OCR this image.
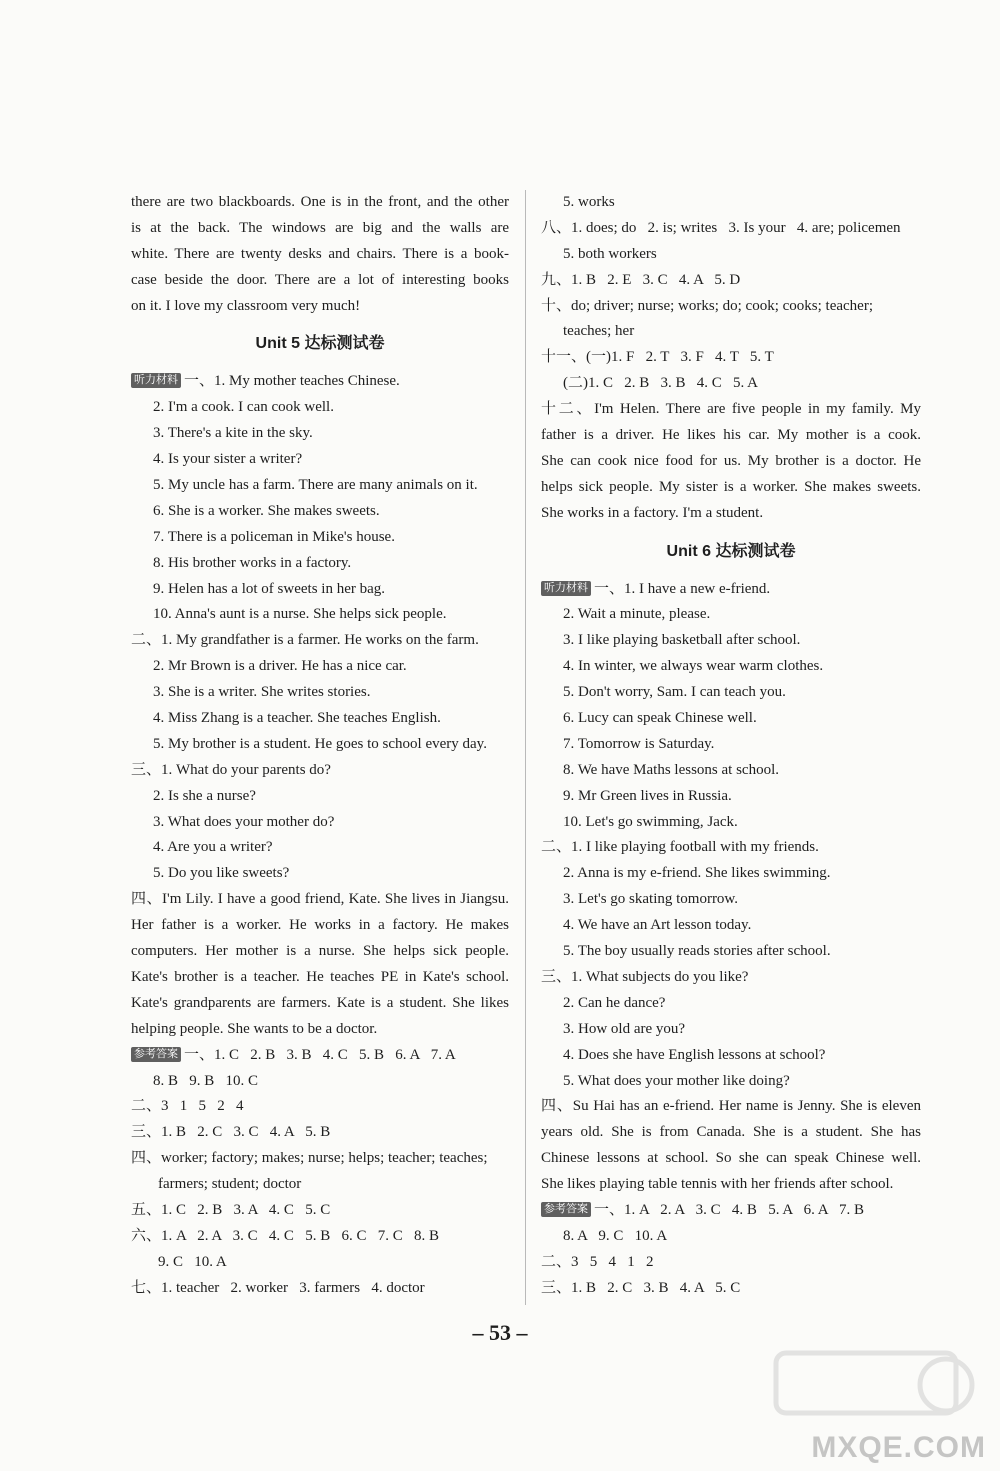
there are two blackboards. One is in the front, and the other
is at the back. The windows are big and the walls are
white. There are twenty desks and chairs. There is a book-
case beside the door. There are a lot of interesting books
on it. I love my classroom very much!
Unit 5 达标测试卷
听力材料 一、1. My mother teaches Chinese.
2. I'm a cook. I can cook well.
3. There's a kite in the sky.
4. Is your sister a writer?
5. My uncle has a farm. There are many animals on it.
6. She is a worker. She makes sweets.
7. There is a policeman in Mike's house.
8. His brother works in a factory.
9. Helen has a lot of sweets in her bag.
10. Anna's aunt is a nurse. She helps sick people.
二、1. My grandfather is a farmer. He works on the farm.
2. Mr Brown is a driver. He has a nice car.
3. She is a writer. She writes stories.
4. Miss Zhang is a teacher. She teaches English.
5. My brother is a student. He goes to school every day.
三、1. What do your parents do?
2. Is she a nurse?
3. What does your mother do?
4. Are you a writer?
5. Do you like sweets?
四、I'm Lily. I have a good friend, Kate. She lives in Jiangsu.
Her father is a worker. He works in a factory. He makes
computers. Her mother is a nurse. She helps sick people.
Kate's brother is a teacher. He teaches PE in Kate's school.
Kate's grandparents are farmers. Kate is a student. She likes
helping people. She wants to be a doctor.
参考答案 一、1. C   2. B   3. B   4. C   5. B   6. A   7. A
8. B   9. B   10. C
二、3   1   5   2   4
三、1. B   2. C   3. C   4. A   5. B
四、worker; factory; makes; nurse; helps; teacher; teaches;
farmers; student; doctor
五、1. C   2. B   3. A   4. C   5. C
六、1. A   2. A   3. C   4. C   5. B   6. C   7. C   8. B
9. C   10. A
七、1. teacher   2. worker   3. farmers   4. doctor
5. works
八、1. does; do   2. is; writes   3. Is your   4. are; policemen
5. both workers
九、1. B   2. E   3. C   4. A   5. D
十、do; driver; nurse; works; do; cook; cooks; teacher;
teaches; her
十一、(一)1. F   2. T   3. F   4. T   5. T
(二)1. C   2. B   3. B   4. C   5. A
十二、I'm Helen. There are five people in my family. My
father is a driver. He likes his car. My mother is a cook.
She can cook nice food for us. My brother is a doctor. He
helps sick people. My sister is a worker. She makes sweets.
She works in a factory. I'm a student.
Unit 6 达标测试卷
听力材料 一、1. I have a new e-friend.
2. Wait a minute, please.
3. I like playing basketball after school.
4. In winter, we always wear warm clothes.
5. Don't worry, Sam. I can teach you.
6. Lucy can speak Chinese well.
7. Tomorrow is Saturday.
8. We have Maths lessons at school.
9. Mr Green lives in Russia.
10. Let's go swimming, Jack.
二、1. I like playing football with my friends.
2. Anna is my e-friend. She likes swimming.
3. Let's go skating tomorrow.
4. We have an Art lesson today.
5. The boy usually reads stories after school.
三、1. What subjects do you like?
2. Can he dance?
3. How old are you?
4. Does she have English lessons at school?
5. What does your mother like doing?
四、Su Hai has an e-friend. Her name is Jenny. She is eleven
years old. She is from Canada. She is a student. She has
Chinese lessons at school. So she can speak Chinese well.
She likes playing table tennis with her friends after school.
参考答案 一、1. A   2. A   3. C   4. B   5. A   6. A   7. B
8. A   9. C   10. A
二、3   5   4   1   2
三、1. B   2. C   3. B   4. A   5. C
– 53 –
MXQE.COM
